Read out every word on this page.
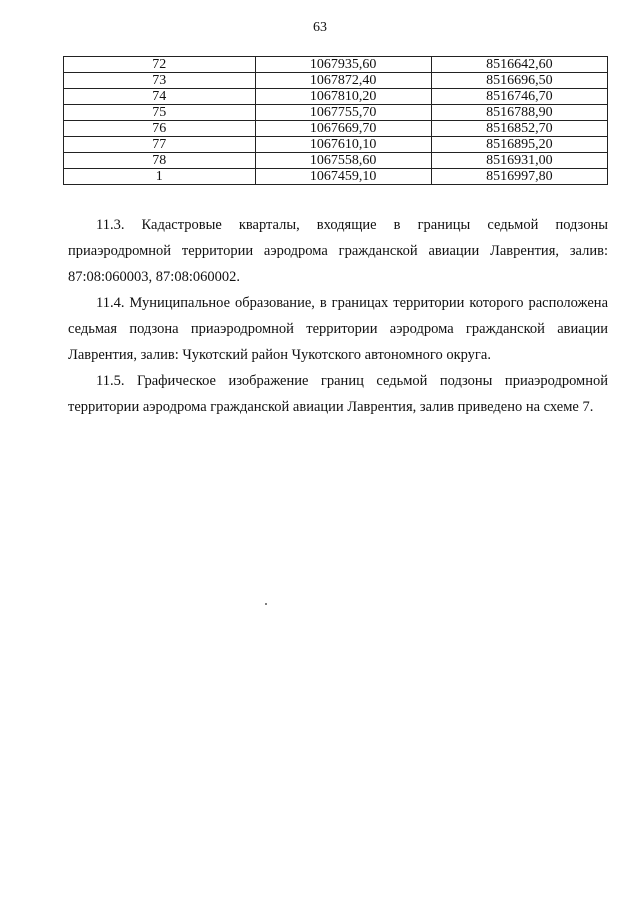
63
72	1067935,60	8516642,60
73	1067872,40	8516696,50
74	1067810,20	8516746,70
75	1067755,70	8516788,90
76	1067669,70	8516852,70
77	1067610,10	8516895,20
78	1067558,60	8516931,00
1	1067459,10	8516997,80

11.3. Кадастровые кварталы, входящие в границы седьмой подзоны приаэродромной территории аэродрома гражданской авиации Лаврентия, залив: 87:08:060003, 87:08:060002.

11.4. Муниципальное образование, в границах территории которого расположена седьмая подзона приаэродромной территории аэродрома гражданской авиации Лаврентия, залив: Чукотский район Чукотского автономного округа.

11.5. Графическое изображение границ седьмой подзоны приаэродромной территории аэродрома гражданской авиации Лаврентия, залив приведено на схеме 7.
